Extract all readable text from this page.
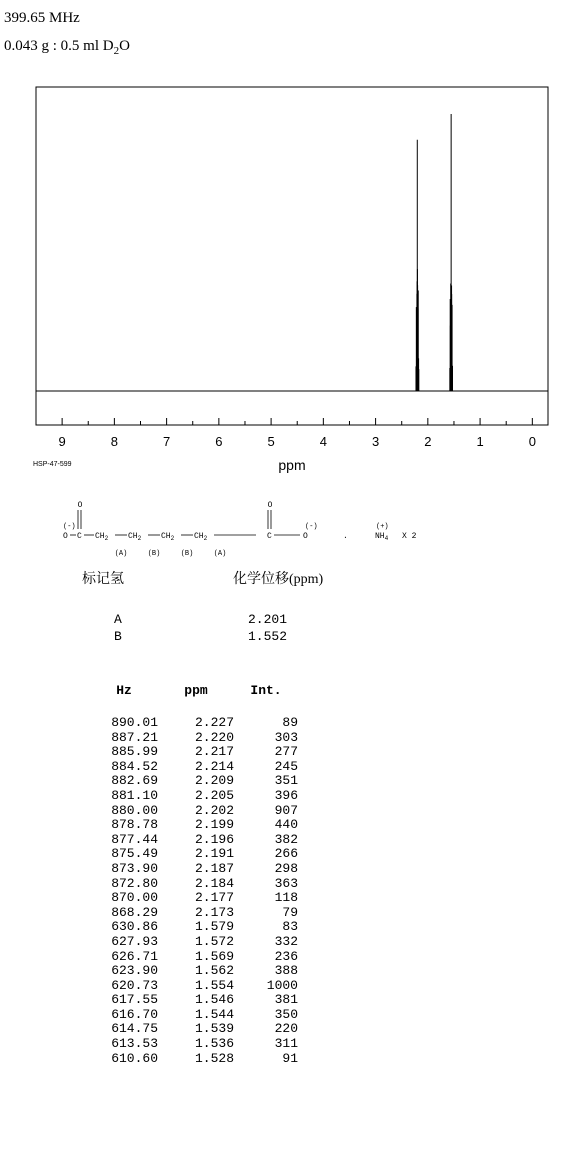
399.65 MHz
0.043 g : 0.5 ml $D_2O$
9	8	7	6	5	4	3	2	1	0
ppm
HSP-47-599
O
(-)
O C $CH_2$ $CH_2$ $CH_2$ $CH_2$
O
C
(-)
O	.
(+)
$NH_4$ X 2
(A)	(B)	(B)	(A)
标记氢	化学位移(ppm)
A	2.201
B	1.552
Hz	ppm	Int.

890.01	2.227	89
887.21	2.220	303
885.99	2.217	277
884.52	2.214	245
882.69	2.209	351
881.10	2.205	396
880.00	2.202	907
878.78	2.199	440
877.44	2.196	382
875.49	2.191	266
873.90	2.187	298
872.80	2.184	363
870.00	2.177	118
868.29	2.173	79
630.86	1.579	83
627.93	1.572	332
626.71	1.569	236
623.90	1.562	388
620.73	1.554	1000
617.55	1.546	381
616.70	1.544	350
614.75	1.539	220
613.53	1.536	311
610.60	1.528	91
